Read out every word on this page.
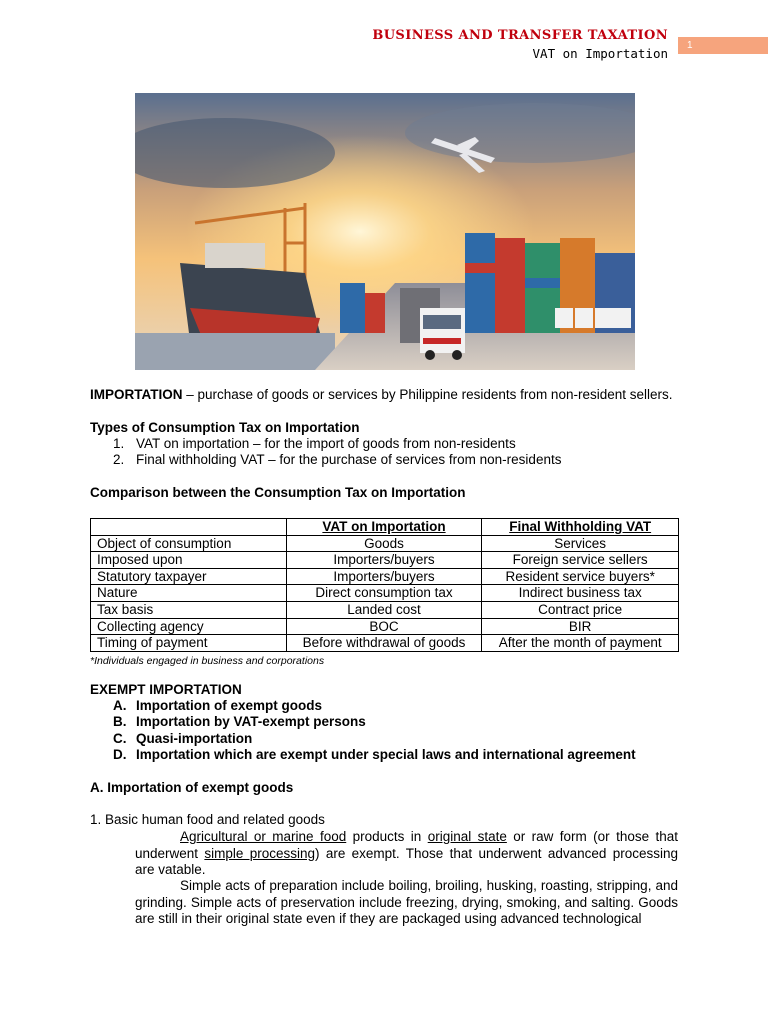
BUSINESS AND TRANSFER TAXATION
VAT on Importation
1
IMPORTATION – purchase of goods or services by Philippine residents from non-resident sellers.
Types of Consumption Tax on Importation
1. VAT on importation – for the import of goods from non-residents
2. Final withholding VAT – for the purchase of services from non-residents
Comparison between the Consumption Tax on Importation
	VAT on Importation	Final Withholding VAT
Object of consumption	Goods	Services
Imposed upon	Importers/buyers	Foreign service sellers
Statutory taxpayer	Importers/buyers	Resident service buyers*
Nature	Direct consumption tax	Indirect business tax
Tax basis	Landed cost	Contract price
Collecting agency	BOC	BIR
Timing of payment	Before withdrawal of goods	After the month of payment
*Individuals engaged in business and corporations
EXEMPT IMPORTATION
A. Importation of exempt goods
B. Importation by VAT-exempt persons
C. Quasi-importation
D. Importation which are exempt under special laws and international agreement
A. Importation of exempt goods
1. Basic human food and related goods
Agricultural or marine food products in original state or raw form (or those that underwent simple processing) are exempt. Those that underwent advanced processing are vatable.
Simple acts of preparation include boiling, broiling, husking, roasting, stripping, and grinding. Simple acts of preservation include freezing, drying, smoking, and salting. Goods are still in their original state even if they are packaged using advanced technological
